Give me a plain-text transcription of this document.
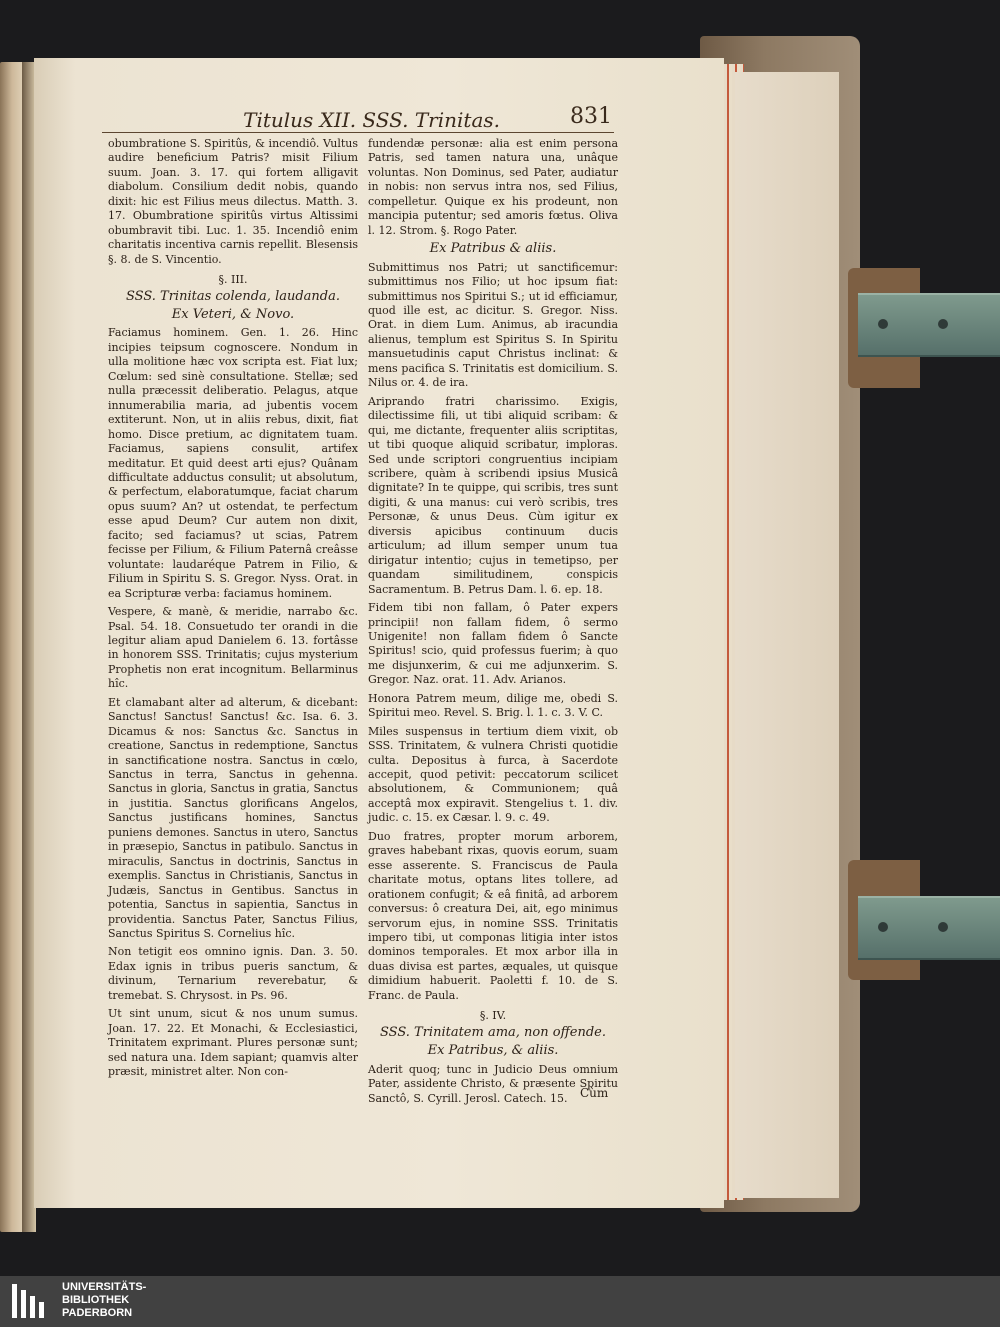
Titulus XII. SSS. Trinitas.	831

obumbratione S. Spiritûs, & incendiô. Vultus audire beneficium Patris? misit Filium suum. Joan. 3. 17. qui fortem alligavit diabolum. Consilium dedit nobis, quando dixit: hic est Filius meus dilectus. Matth. 3. 17. Obumbratione spiritûs virtus Altissimi obumbravit tibi. Luc. 1. 35. Incendiô enim charitatis incentiva carnis repellit. Blesensis §. 8. de S. Vincentio.

§. III.
SSS. Trinitas colenda, laudanda.
Ex Veteri, & Novo.

Faciamus hominem. Gen. 1. 26. Hinc incipies teipsum cognoscere. Nondum in ulla molitione hæc vox scripta est. Fiat lux; Cœlum: sed sinè consultatione. Stellæ; sed nulla præcessit deliberatio. Pelagus, atque innumerabilia maria, ad jubentis vocem extiterunt. Non, ut in aliis rebus, dixit, fiat homo. Disce pretium, ac dignitatem tuam. Faciamus, sapiens consulit, artifex meditatur. Et quid deest arti ejus? Quânam difficultate adductus consulit; ut absolutum, & perfectum, elaboratumque, faciat charum opus suum? An? ut ostendat, te perfectum esse apud Deum? Cur autem non dixit, facito; sed faciamus? ut scias, Patrem fecisse per Filium, & Filium Paternâ creâsse voluntate: laudaréque Patrem in Filio, & Filium in Spiritu S. S. Gregor. Nyss. Orat. in ea Scripturæ verba: faciamus hominem.

Vespere, & manè, & meridie, narrabo &c. Psal. 54. 18. Consuetudo ter orandi in die legitur aliam apud Danielem 6. 13. fortâsse in honorem SSS. Trinitatis; cujus mysterium Prophetis non erat incognitum. Bellarminus hîc.

Et clamabant alter ad alterum, & dicebant: Sanctus! Sanctus! Sanctus! &c. Isa. 6. 3. Dicamus & nos: Sanctus &c. Sanctus in creatione, Sanctus in redemptione, Sanctus in sanctificatione nostra. Sanctus in cœlo, Sanctus in terra, Sanctus in gehenna. Sanctus in gloria, Sanctus in gratia, Sanctus in justitia. Sanctus glorificans Angelos, Sanctus justificans homines, Sanctus puniens demones. Sanctus in utero, Sanctus in præsepio, Sanctus in patibulo. Sanctus in miraculis, Sanctus in doctrinis, Sanctus in exemplis. Sanctus in Christianis, Sanctus in Judæis, Sanctus in Gentibus. Sanctus in potentia, Sanctus in sapientia, Sanctus in providentia. Sanctus Pater, Sanctus Filius, Sanctus Spiritus S. Cornelius hîc.

Non tetigit eos omnino ignis. Dan. 3. 50. Edax ignis in tribus pueris sanctum, & divinum, Ternarium reverebatur, & tremebat. S. Chrysost. in Ps. 96.

Ut sint unum, sicut & nos unum sumus. Joan. 17. 22. Et Monachi, & Ecclesiastici, Trinitatem exprimant. Plures personæ sunt; sed natura una. Idem sapiant; quamvis alter præsit, ministret alter. Non con-

fundendæ personæ: alia est enim persona Patris, sed tamen natura una, unâque voluntas. Non Dominus, sed Pater, audiatur in nobis: non servus intra nos, sed Filius, compelletur. Quique ex his prodeunt, non mancipia putentur; sed amoris fœtus. Oliva l. 12. Strom. §. Rogo Pater.

Ex Patribus & aliis.

Submittimus nos Patri; ut sanctificemur: submittimus nos Filio; ut hoc ipsum fiat: submittimus nos Spiritui S.; ut id efficiamur, quod ille est, ac dicitur. S. Gregor. Niss. Orat. in diem Lum. Animus, ab iracundia alienus, templum est Spiritus S. In Spiritu mansuetudinis caput Christus inclinat: & mens pacifica S. Trinitatis est domicilium. S. Nilus or. 4. de ira.

Ariprando fratri charissimo. Exigis, dilectissime fili, ut tibi aliquid scribam: & qui, me dictante, frequenter aliis scriptitas, ut tibi quoque aliquid scribatur, imploras. Sed unde scriptori congruentius incipiam scribere, quàm à scribendi ipsius Musicâ dignitate? In te quippe, qui scribis, tres sunt digiti, & una manus: cui verò scribis, tres Personæ, & unus Deus. Cùm igitur ex diversis apicibus continuum ducis articulum; ad illum semper unum tua dirigatur intentio; cujus in temetipso, per quandam similitudinem, conspicis Sacramentum. B. Petrus Dam. l. 6. ep. 18.

Fidem tibi non fallam, ô Pater expers principii! non fallam fidem, ô sermo Unigenite! non fallam fidem ô Sancte Spiritus! scio, quid professus fuerim; à quo me disjunxerim, & cui me adjunxerim. S. Gregor. Naz. orat. 11. Adv. Arianos.

Honora Patrem meum, dilige me, obedi S. Spiritui meo. Revel. S. Brig. l. 1. c. 3. V. C.

Miles suspensus in tertium diem vixit, ob SSS. Trinitatem, & vulnera Christi quotidie culta. Depositus à furca, à Sacerdote accepit, quod petivit: peccatorum scilicet absolutionem, & Communionem; quâ acceptâ mox expiravit. Stengelius t. 1. div. judic. c. 15. ex Cæsar. l. 9. c. 49.

Duo fratres, propter morum arborem, graves habebant rixas, quovis eorum, suam esse asserente. S. Franciscus de Paula charitate motus, optans lites tollere, ad orationem confugit; & eâ finitâ, ad arborem conversus: ô creatura Dei, ait, ego minimus servorum ejus, in nomine SSS. Trinitatis impero tibi, ut componas litigia inter istos dominos temporales. Et mox arbor illa in duas divisa est partes, æquales, ut quisque dimidium habuerit. Paoletti f. 10. de S. Franc. de Paula.

§. IV.
SSS. Trinitatem ama, non offende.
Ex Patribus, & aliis.

Aderit quoq; tunc in Judicio Deus omnium Pater, assidente Christo, & præsente Spiritu Sanctô, S. Cyrill. Jerosl. Catech. 15.	Cùm
UNIVERSITÄTS-
BIBLIOTHEK
PADERBORN
